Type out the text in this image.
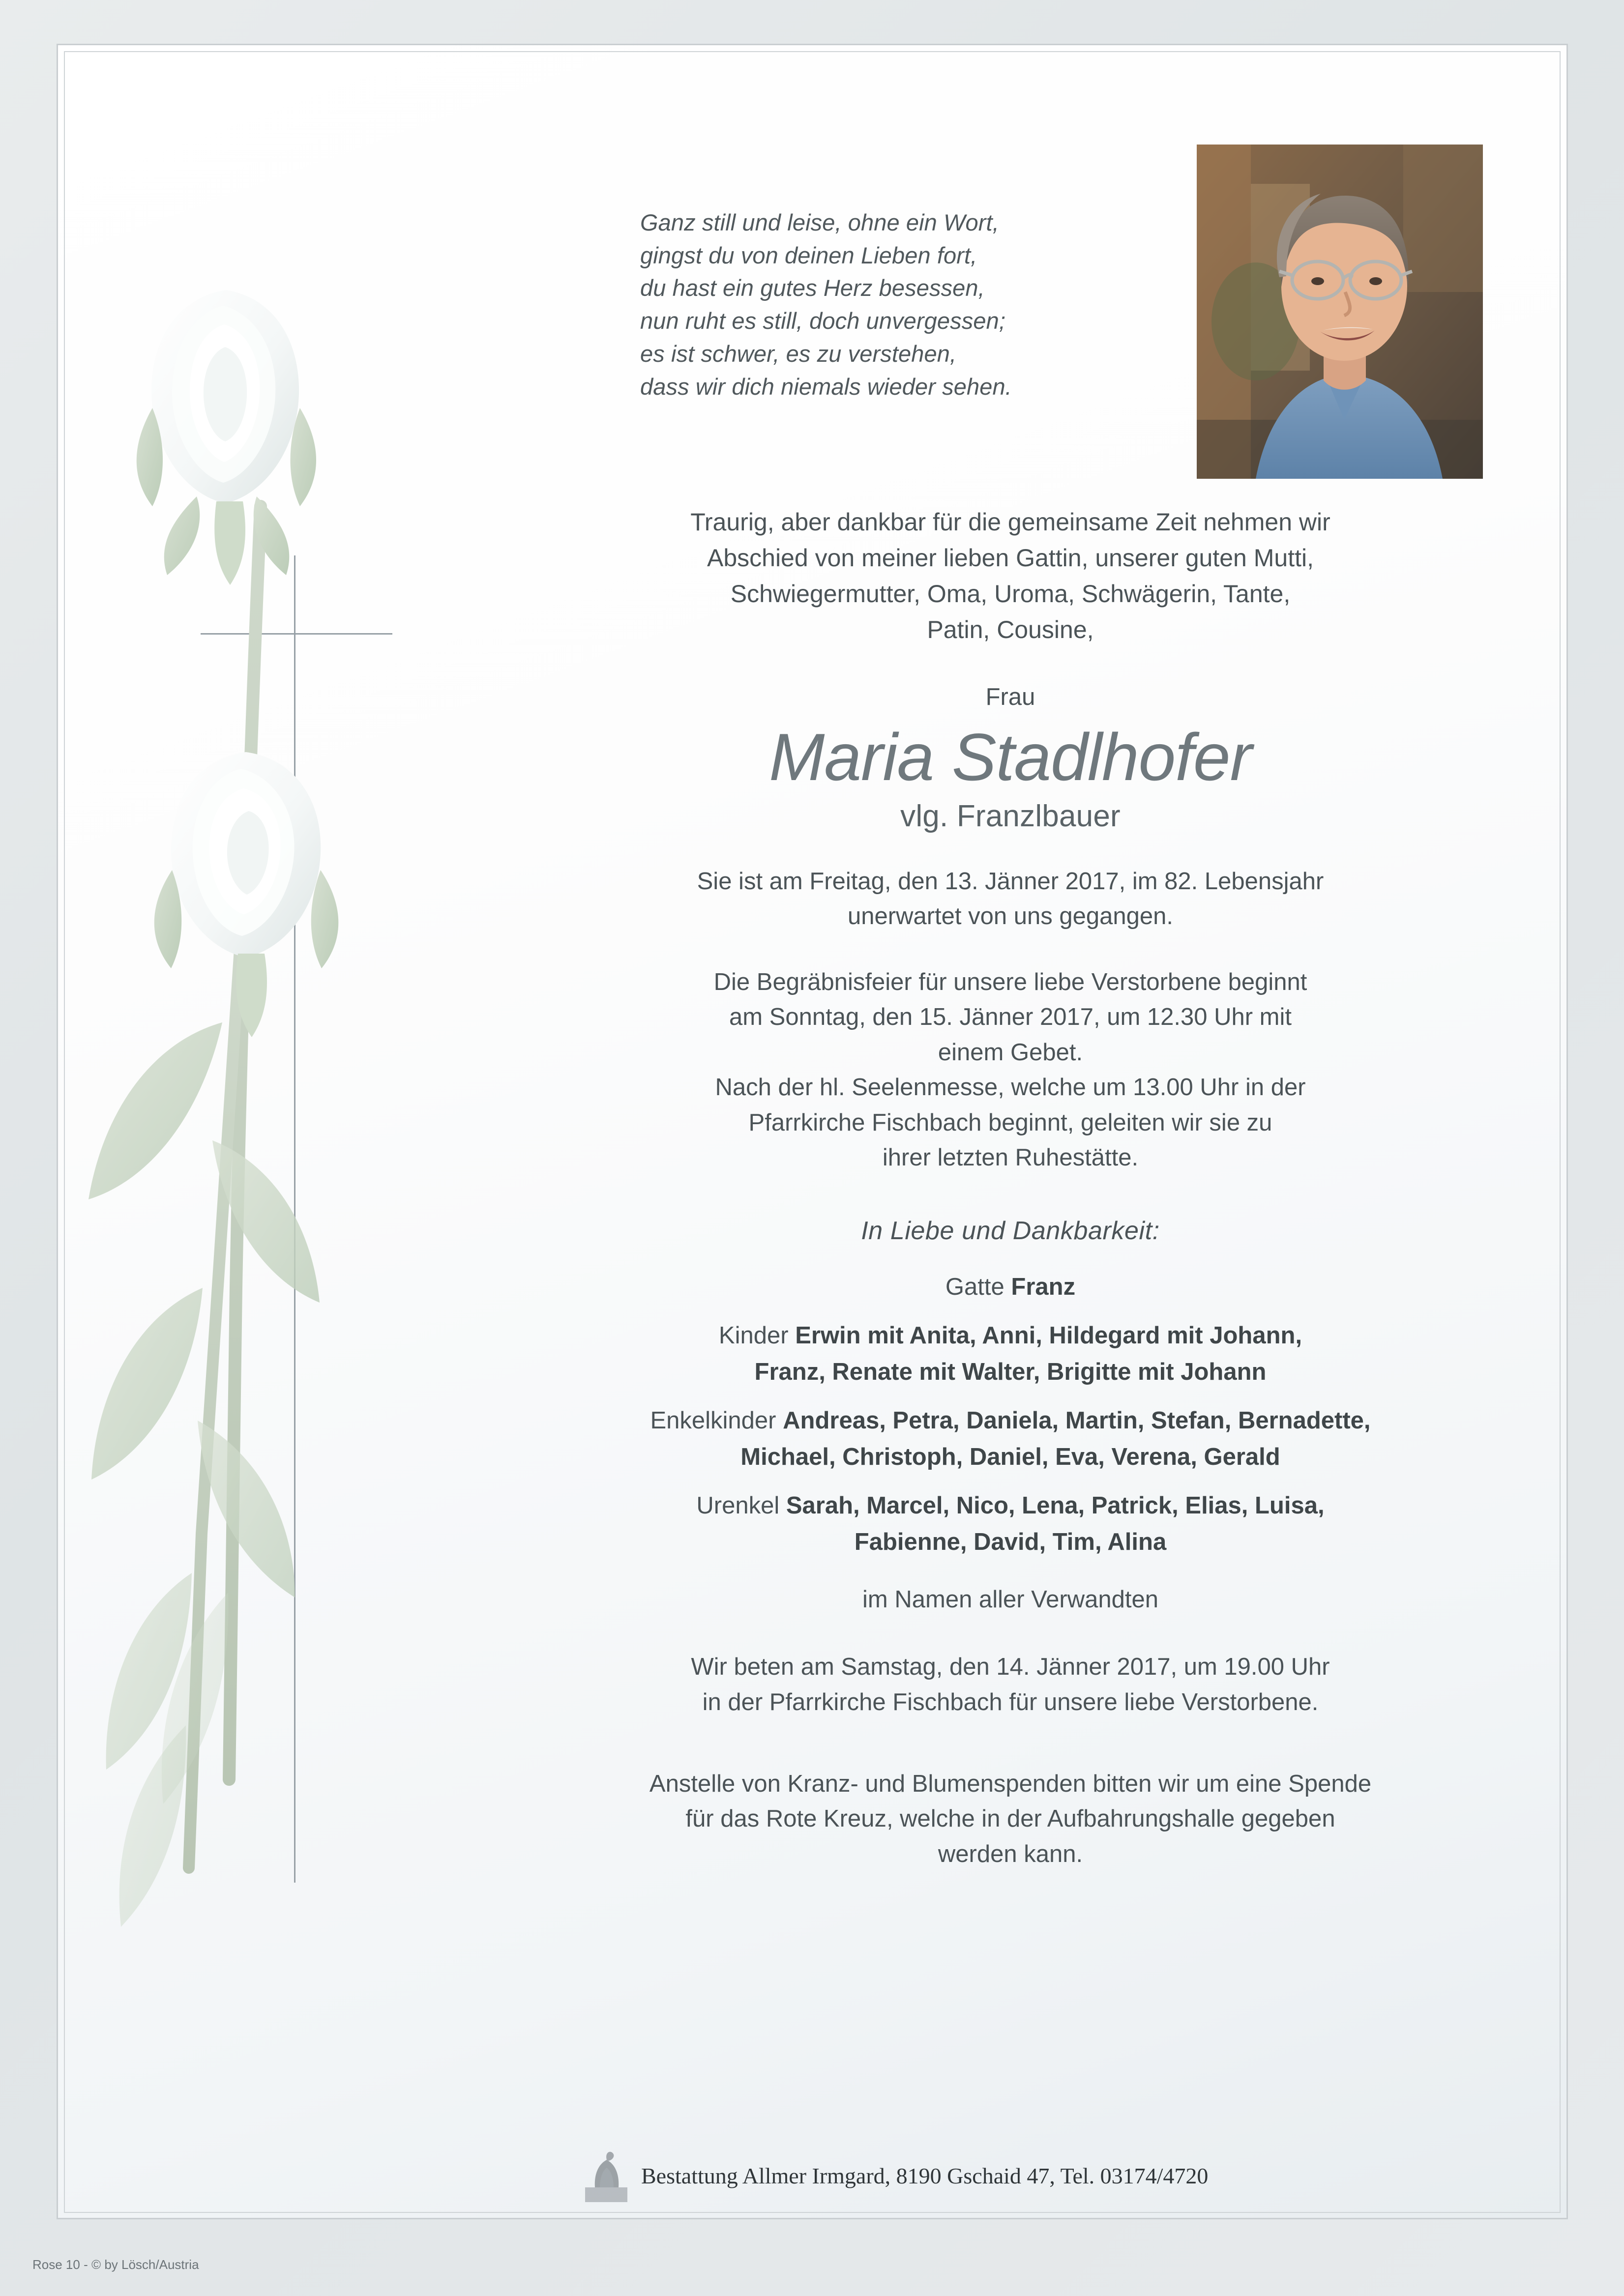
Ganz still und leise, ohne ein Wort,
gingst du von deinen Lieben fort,
du hast ein gutes Herz besessen,
nun ruht es still, doch unvergessen;
es ist schwer, es zu verstehen,
dass wir dich niemals wieder sehen.
Traurig, aber dankbar für die gemeinsame Zeit nehmen wir
Abschied von meiner lieben Gattin, unserer guten Mutti,
Schwiegermutter, Oma, Uroma, Schwägerin, Tante,
Patin, Cousine,
Frau
Maria Stadlhofer
vlg. Franzlbauer
Sie ist am Freitag, den 13. Jänner 2017, im 82. Lebensjahr
unerwartet von uns gegangen.
Die Begräbnisfeier für unsere liebe Verstorbene beginnt
am Sonntag, den 15. Jänner 2017, um 12.30 Uhr mit
einem Gebet.
Nach der hl. Seelenmesse, welche um 13.00 Uhr in der
Pfarrkirche Fischbach beginnt, geleiten wir sie zu
ihrer letzten Ruhestätte.
In Liebe und Dankbarkeit:
Gatte Franz
Kinder Erwin mit Anita, Anni, Hildegard mit Johann,
Franz, Renate mit Walter, Brigitte mit Johann
Enkelkinder Andreas, Petra, Daniela, Martin, Stefan, Bernadette,
Michael, Christoph, Daniel, Eva, Verena, Gerald
Urenkel Sarah, Marcel, Nico, Lena, Patrick, Elias, Luisa,
Fabienne, David, Tim, Alina
im Namen aller Verwandten
Wir beten am Samstag, den 14. Jänner 2017, um 19.00 Uhr
in der Pfarrkirche Fischbach für unsere liebe Verstorbene.
Anstelle von Kranz- und Blumenspenden bitten wir um eine Spende
für das Rote Kreuz, welche in der Aufbahrungshalle gegeben
werden kann.
Bestattung Allmer Irmgard, 8190 Gschaid 47, Tel. 03174/4720
Rose 10 - © by Lösch/Austria
